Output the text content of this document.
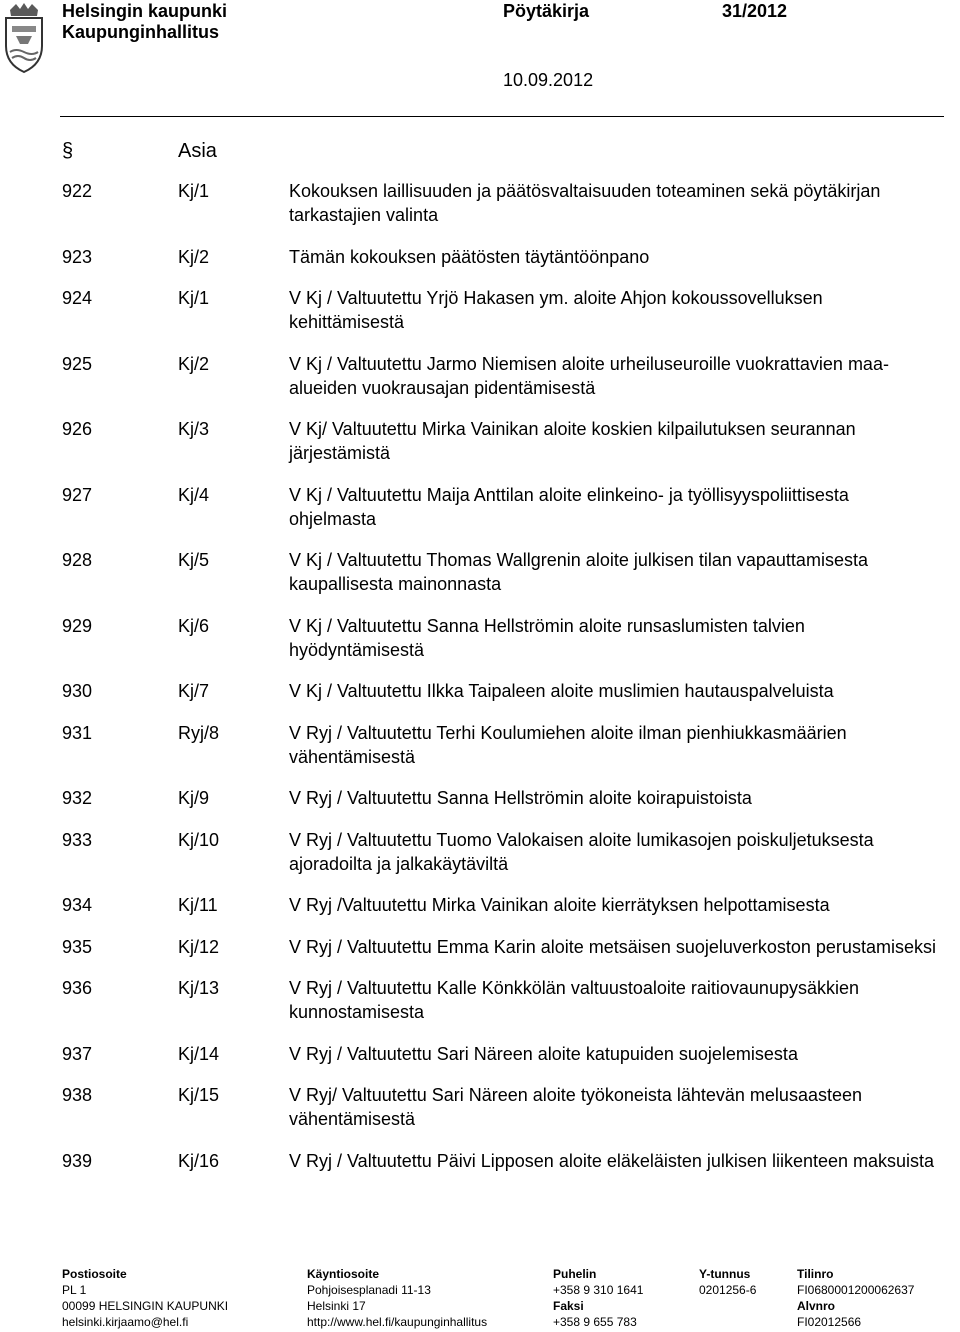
Helsingin kaupunki
Kaupunginhallitus
Pöytäkirja	31/2012
10.09.2012
§	Asia
922	Kj/1	Kokouksen laillisuuden ja päätösvaltaisuuden toteaminen sekä pöytäkirjan tarkastajien valinta
923	Kj/2	Tämän kokouksen päätösten täytäntöönpano
924	Kj/1	V Kj / Valtuutettu Yrjö Hakasen ym. aloite Ahjon kokoussovelluksen kehittämisestä
925	Kj/2	V Kj / Valtuutettu Jarmo Niemisen aloite urheiluseuroille vuokrattavien maa-alueiden vuokrausajan pidentämisestä
926	Kj/3	V Kj/ Valtuutettu Mirka Vainikan aloite koskien kilpailutuksen seurannan järjestämistä
927	Kj/4	V Kj / Valtuutettu Maija Anttilan aloite elinkeino- ja työllisyyspoliittisesta ohjelmasta
928	Kj/5	V Kj / Valtuutettu Thomas Wallgrenin aloite julkisen tilan vapauttamisesta kaupallisesta mainonnasta
929	Kj/6	V Kj / Valtuutettu Sanna Hellströmin aloite runsaslumisten talvien hyödyntämisestä
930	Kj/7	V Kj / Valtuutettu Ilkka Taipaleen aloite muslimien hautauspalveluista
931	Ryj/8	V Ryj / Valtuutettu Terhi Koulumiehen aloite ilman pienhiukkasmäärien vähentämisestä
932	Kj/9	V Ryj / Valtuutettu Sanna Hellströmin aloite koirapuistoista
933	Kj/10	V Ryj / Valtuutettu Tuomo Valokaisen aloite lumikasojen poiskuljetuksesta ajoradoilta ja jalkakäytäviltä
934	Kj/11	V Ryj /Valtuutettu Mirka Vainikan aloite kierrätyksen helpottamisesta
935	Kj/12	V Ryj / Valtuutettu Emma Karin aloite metsäisen suojeluverkoston perustamiseksi
936	Kj/13	V Ryj / Valtuutettu Kalle Könkkölän valtuustoaloite raitiovaunupysäkkien kunnostamisesta
937	Kj/14	V Ryj / Valtuutettu Sari Näreen aloite katupuiden suojelemisesta
938	Kj/15	V Ryj/ Valtuutettu Sari Näreen aloite työkoneista lähtevän melusaasteen vähentämisestä
939	Kj/16	V Ryj / Valtuutettu Päivi Lipposen aloite eläkeläisten julkisen liikenteen maksuista
Postiosoite
PL 1
00099 HELSINGIN KAUPUNKI
helsinki.kirjaamo@hel.fi
Käyntiosoite
Pohjoisesplanadi 11-13
Helsinki 17
http://www.hel.fi/kaupunginhallitus
Puhelin
+358 9 310 1641
Faksi
+358 9 655 783
Y-tunnus
0201256-6
Tilinro
FI0680001200062637
Alvnro
FI02012566
